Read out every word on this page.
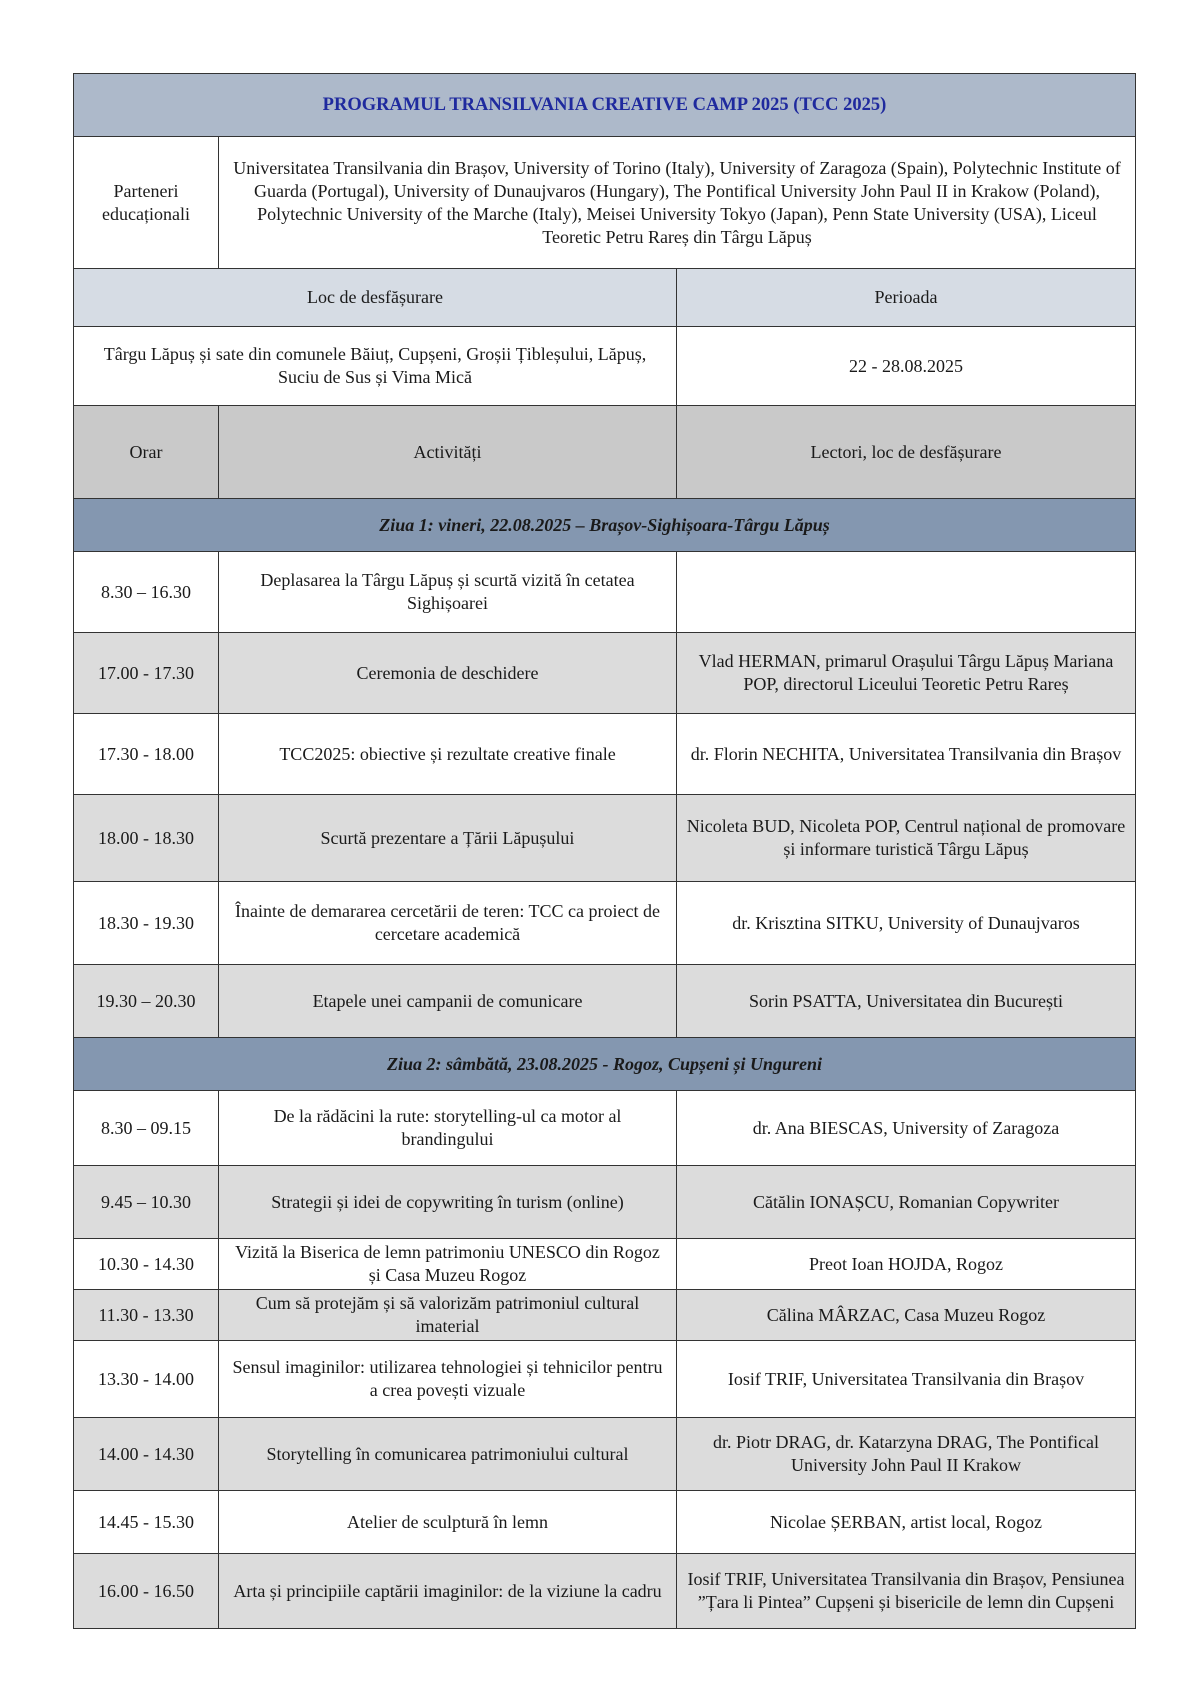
PROGRAMUL TRANSILVANIA CREATIVE CAMP 2025 (TCC 2025)		
Parteneri educaționali	Universitatea Transilvania din Brașov, University of Torino (Italy), University of Zaragoza (Spain), Polytechnic Institute of Guarda (Portugal), University of Dunaujvaros (Hungary), The Pontifical University John Paul II in Krakow (Poland), Polytechnic University of the Marche (Italy), Meisei University Tokyo (Japan), Penn State University (USA), Liceul Teoretic Petru Rareș din Târgu Lăpuș	
Loc de desfășurare		Perioada
Târgu Lăpuș și sate din comunele Băiuț, Cupșeni, Groșii Țibleșului, Lăpuș, Suciu de Sus și Vima Mică		22 - 28.08.2025
Orar	Activități	Lectori, loc de desfășurare
Ziua 1: vineri, 22.08.2025 – Brașov-Sighișoara-Târgu Lăpuș		
8.30 – 16.30	Deplasarea la Târgu Lăpuș și scurtă vizită în cetatea Sighișoarei	
17.00 - 17.30	Ceremonia de deschidere	Vlad HERMAN, primarul Orașului Târgu Lăpuș Mariana POP, directorul Liceului Teoretic Petru Rareș
17.30 - 18.00	TCC2025: obiective și rezultate creative finale	dr. Florin NECHITA, Universitatea Transilvania din Brașov
18.00 - 18.30	Scurtă prezentare a Țării Lăpușului	Nicoleta BUD, Nicoleta POP, Centrul național de promovare și informare turistică Târgu Lăpuș
18.30 - 19.30	Înainte de demararea cercetării de teren: TCC ca proiect de cercetare academică	dr. Krisztina SITKU, University of Dunaujvaros
19.30 – 20.30	Etapele unei campanii de comunicare	Sorin PSATTA, Universitatea din București
Ziua 2: sâmbătă, 23.08.2025 - Rogoz, Cupșeni și Ungureni		
8.30 – 09.15	De la rădăcini la rute: storytelling-ul ca motor al brandingului	dr. Ana BIESCAS, University of Zaragoza
9.45 – 10.30	Strategii și idei de copywriting în turism (online)	Cătălin IONAȘCU, Romanian Copywriter
10.30 - 14.30	Vizită la Biserica de lemn patrimoniu UNESCO din Rogoz și Casa Muzeu Rogoz	Preot Ioan HOJDA, Rogoz
11.30 - 13.30	Cum să protejăm și să valorizăm patrimoniul cultural imaterial	Călina MÂRZAC, Casa Muzeu Rogoz
13.30 - 14.00	Sensul imaginilor: utilizarea tehnologiei și tehnicilor pentru a crea povești vizuale	Iosif TRIF, Universitatea Transilvania din Brașov
14.00 - 14.30	Storytelling în comunicarea patrimoniului cultural	dr. Piotr DRAG, dr. Katarzyna DRAG, The Pontifical University John Paul II Krakow
14.45 - 15.30	Atelier de sculptură în lemn	Nicolae ȘERBAN, artist local, Rogoz
16.00 - 16.50	Arta și principiile captării imaginilor: de la viziune la cadru	Iosif TRIF, Universitatea Transilvania din Brașov, Pensiunea ”Țara li Pintea” Cupșeni și bisericile de lemn din Cupșeni
